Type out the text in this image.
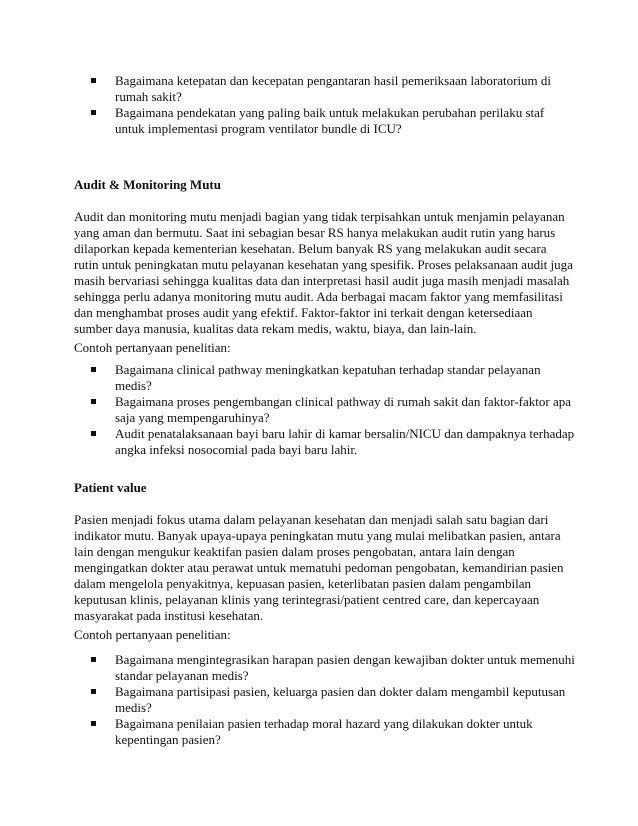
Bagaimana ketepatan dan kecepatan pengantaran hasil pemeriksaan laboratorium di rumah sakit?
Bagaimana pendekatan yang paling baik untuk melakukan perubahan perilaku staf untuk implementasi program ventilator bundle di ICU?
Audit & Monitoring Mutu

Audit dan monitoring mutu menjadi bagian yang tidak terpisahkan untuk menjamin pelayanan yang aman dan bermutu. Saat ini sebagian besar RS hanya melakukan audit rutin yang harus dilaporkan kepada kementerian kesehatan. Belum banyak RS yang melakukan audit secara rutin untuk peningkatan mutu pelayanan kesehatan yang spesifik. Proses pelaksanaan audit juga masih bervariasi sehingga kualitas data dan interpretasi hasil audit juga masih menjadi masalah sehingga perlu adanya monitoring mutu audit. Ada berbagai macam faktor yang memfasilitasi dan menghambat proses audit yang efektif. Faktor-faktor ini terkait dengan ketersediaan sumber daya manusia, kualitas data rekam medis, waktu, biaya, dan lain-lain.

Contoh pertanyaan penelitian:
Bagaimana clinical pathway meningkatkan kepatuhan terhadap standar pelayanan medis?
Bagaimana proses pengembangan clinical pathway di rumah sakit dan faktor-faktor apa saja yang mempengaruhinya?
Audit penatalaksanaan bayi baru lahir di kamar bersalin/NICU dan dampaknya terhadap angka infeksi nosocomial pada bayi baru lahir.
Patient value

Pasien menjadi fokus utama dalam pelayanan kesehatan dan menjadi salah satu bagian dari indikator mutu. Banyak upaya-upaya peningkatan mutu yang mulai melibatkan pasien, antara lain dengan mengukur keaktifan pasien dalam proses pengobatan, antara lain dengan mengingatkan dokter atau perawat untuk mematuhi pedoman pengobatan, kemandirian pasien dalam mengelola penyakitnya, kepuasan pasien, keterlibatan pasien dalam pengambilan keputusan klinis, pelayanan klinis yang terintegrasi/patient centred care, dan kepercayaan masyarakat pada institusi kesehatan.

Contoh pertanyaan penelitian:
Bagaimana mengintegrasikan harapan pasien dengan kewajiban dokter untuk memenuhi standar pelayanan medis?
Bagaimana partisipasi pasien, keluarga pasien dan dokter dalam mengambil keputusan medis?
Bagaimana penilaian pasien terhadap moral hazard yang dilakukan dokter untuk kepentingan pasien?
